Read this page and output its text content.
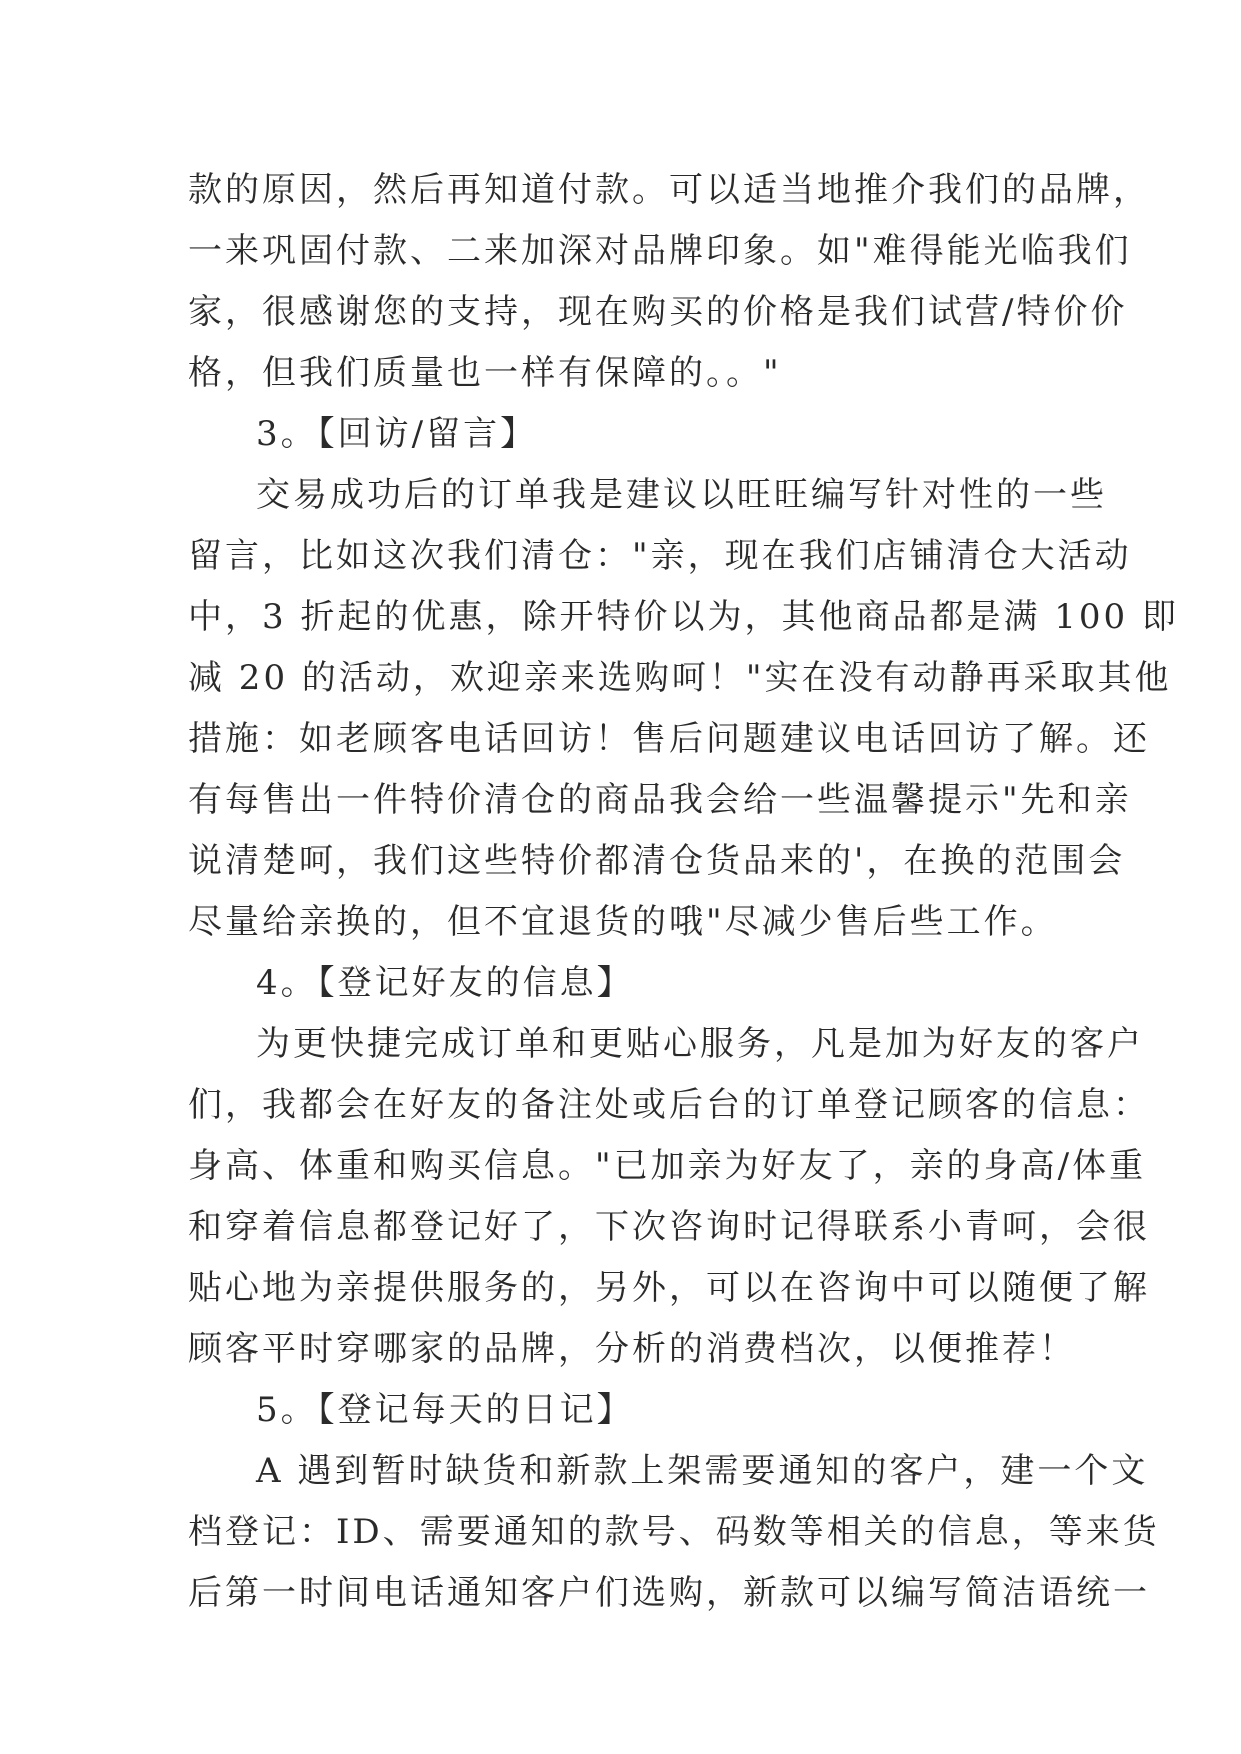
款的原因，然后再知道付款。可以适当地推介我们的品牌，
一来巩固付款、二来加深对品牌印象。如"难得能光临我们
家，很感谢您的支持，现在购买的价格是我们试营/特价价
格，但我们质量也一样有保障的。。"
3。【回访/留言】
交易成功后的订单我是建议以旺旺编写针对性的一些
留言，比如这次我们清仓："亲，现在我们店铺清仓大活动
中，3 折起的优惠，除开特价以为，其他商品都是满 100 即
减 20 的活动，欢迎亲来选购呵！"实在没有动静再采取其他
措施：如老顾客电话回访！售后问题建议电话回访了解。还
有每售出一件特价清仓的商品我会给一些温馨提示"先和亲
说清楚呵，我们这些特价都清仓货品来的'，在换的范围会
尽量给亲换的，但不宜退货的哦"尽减少售后些工作。
4。【登记好友的信息】
为更快捷完成订单和更贴心服务，凡是加为好友的客户
们，我都会在好友的备注处或后台的订单登记顾客的信息：
身高、体重和购买信息。"已加亲为好友了，亲的身高/体重
和穿着信息都登记好了，下次咨询时记得联系小青呵，会很
贴心地为亲提供服务的，另外，可以在咨询中可以随便了解
顾客平时穿哪家的品牌，分析的消费档次，以便推荐！
5。【登记每天的日记】
A 遇到暂时缺货和新款上架需要通知的客户，建一个文
档登记：ID、需要通知的款号、码数等相关的信息，等来货
后第一时间电话通知客户们选购，新款可以编写简洁语统一
